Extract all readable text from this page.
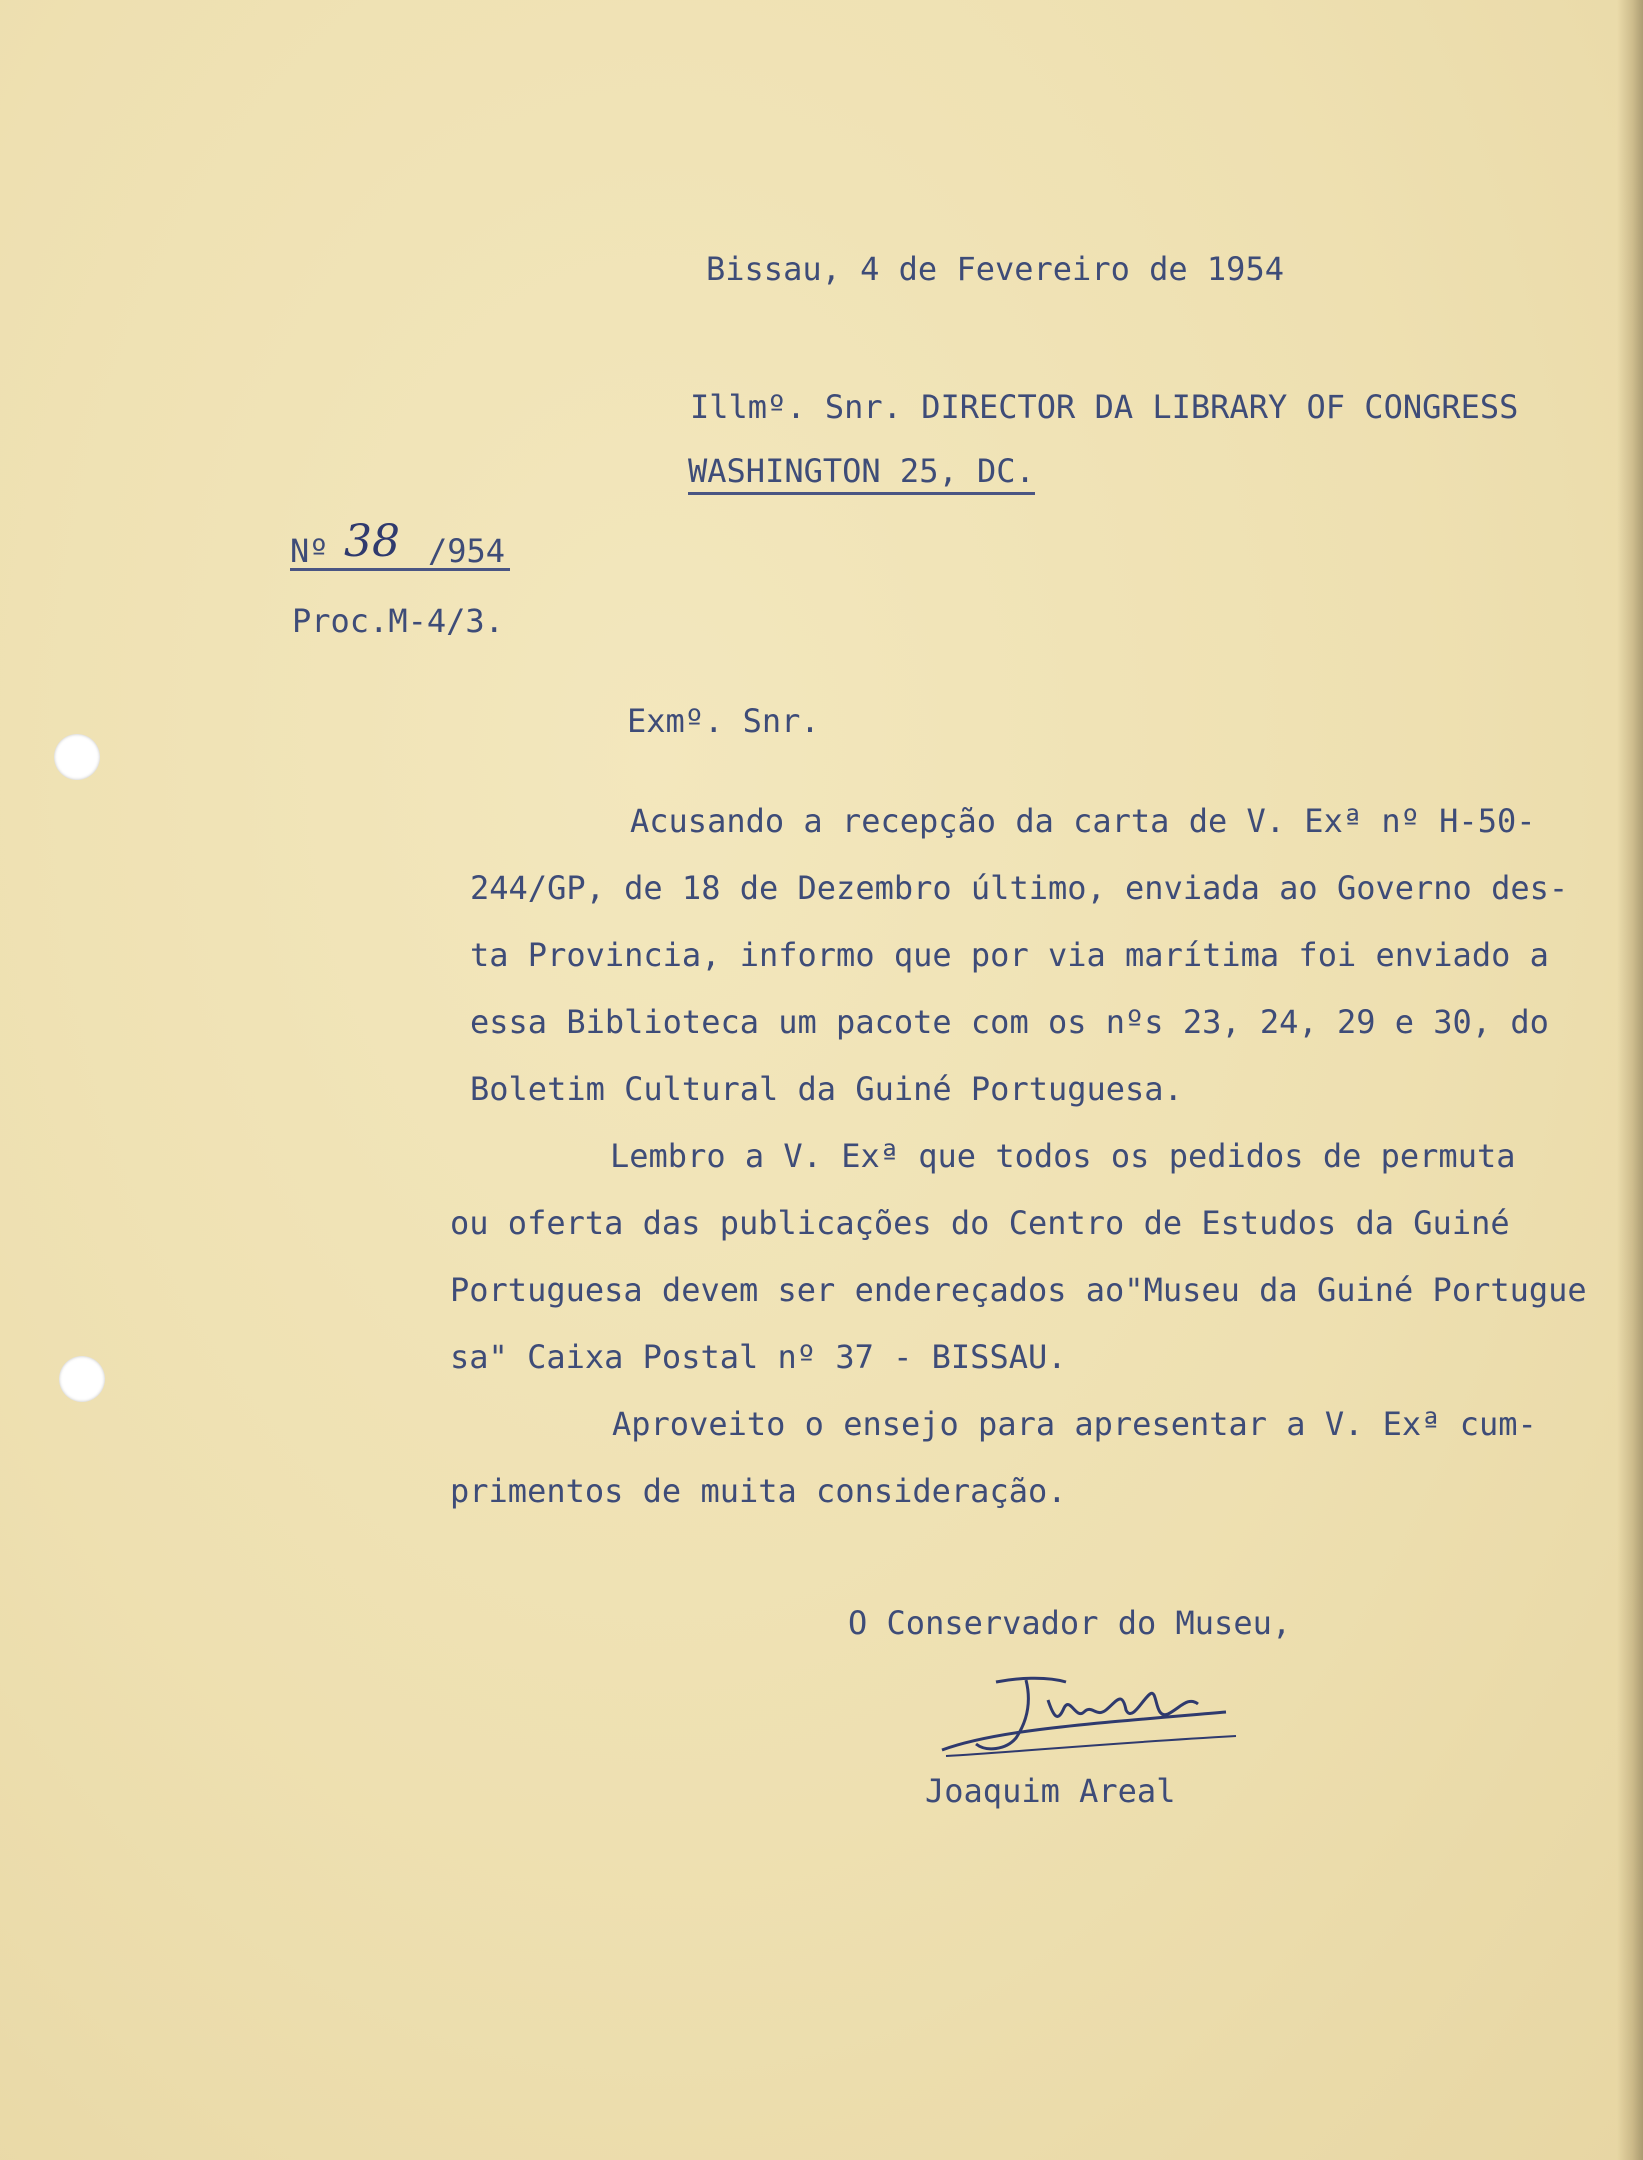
Bissau, 4 de Fevereiro de 1954
Illmº. Snr. DIRECTOR DA LIBRARY OF CONGRESS
WASHINGTON 25, DC.
Nº 38 /954
Proc.M-4/3.
Exmº. Snr.
Acusando a recepção da carta de V. Exª nº H-50-
244/GP, de 18 de Dezembro último, enviada ao Governo des-
ta Provincia, informo que por via marítima foi enviado a
essa Biblioteca um pacote com os nºs 23, 24, 29 e 30, do
Boletim Cultural da Guiné Portuguesa.
Lembro a V. Exª que todos os pedidos de permuta
ou oferta das publicações do Centro de Estudos da Guiné
Portuguesa devem ser endereçados ao"Museu da Guiné Portugue
sa" Caixa Postal nº 37 - BISSAU.
Aproveito o ensejo para apresentar a V. Exª cum-
primentos de muita consideração.
O Conservador do Museu,
Joaquim Areal
